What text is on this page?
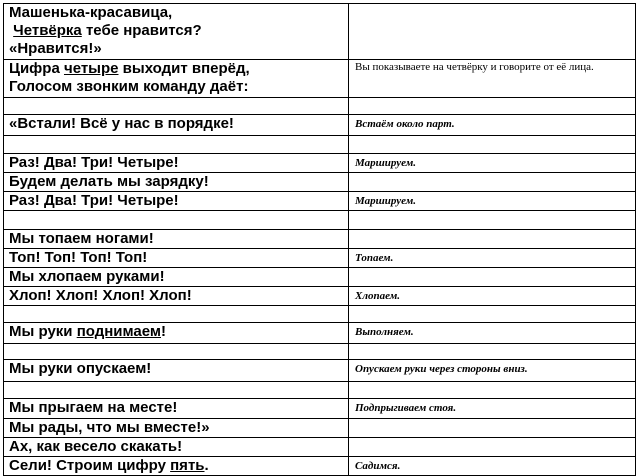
Машенька-красавица,
Четвёрка тебе нравится?
«Нравится!»

Цифра четыре выходит вперёд,
Голосом звонким команду даёт:	Вы показываете на четвёрку и говорите от её лица.

«Встали! Всё у нас в порядке!	Встаём около парт.

Раз! Два! Три! Четыре!	Маршируем.

Будем делать мы зарядку!	

Раз! Два! Три! Четыре!	Маршируем.

Мы топаем ногами!	

Топ! Топ! Топ! Топ!	Топаем.

Мы хлопаем руками!	

Хлоп! Хлоп! Хлоп! Хлоп!	Хлопаем.

Мы руки поднимаем!	Выполняем.

Мы руки опускаем!	Опускаем руки через стороны вниз.

Мы прыгаем на месте!	Подпрыгиваем стоя.

Мы рады, что мы вместе!»	

Ах, как весело скакать!	

Сели! Строим цифру пять.	Садимся.
